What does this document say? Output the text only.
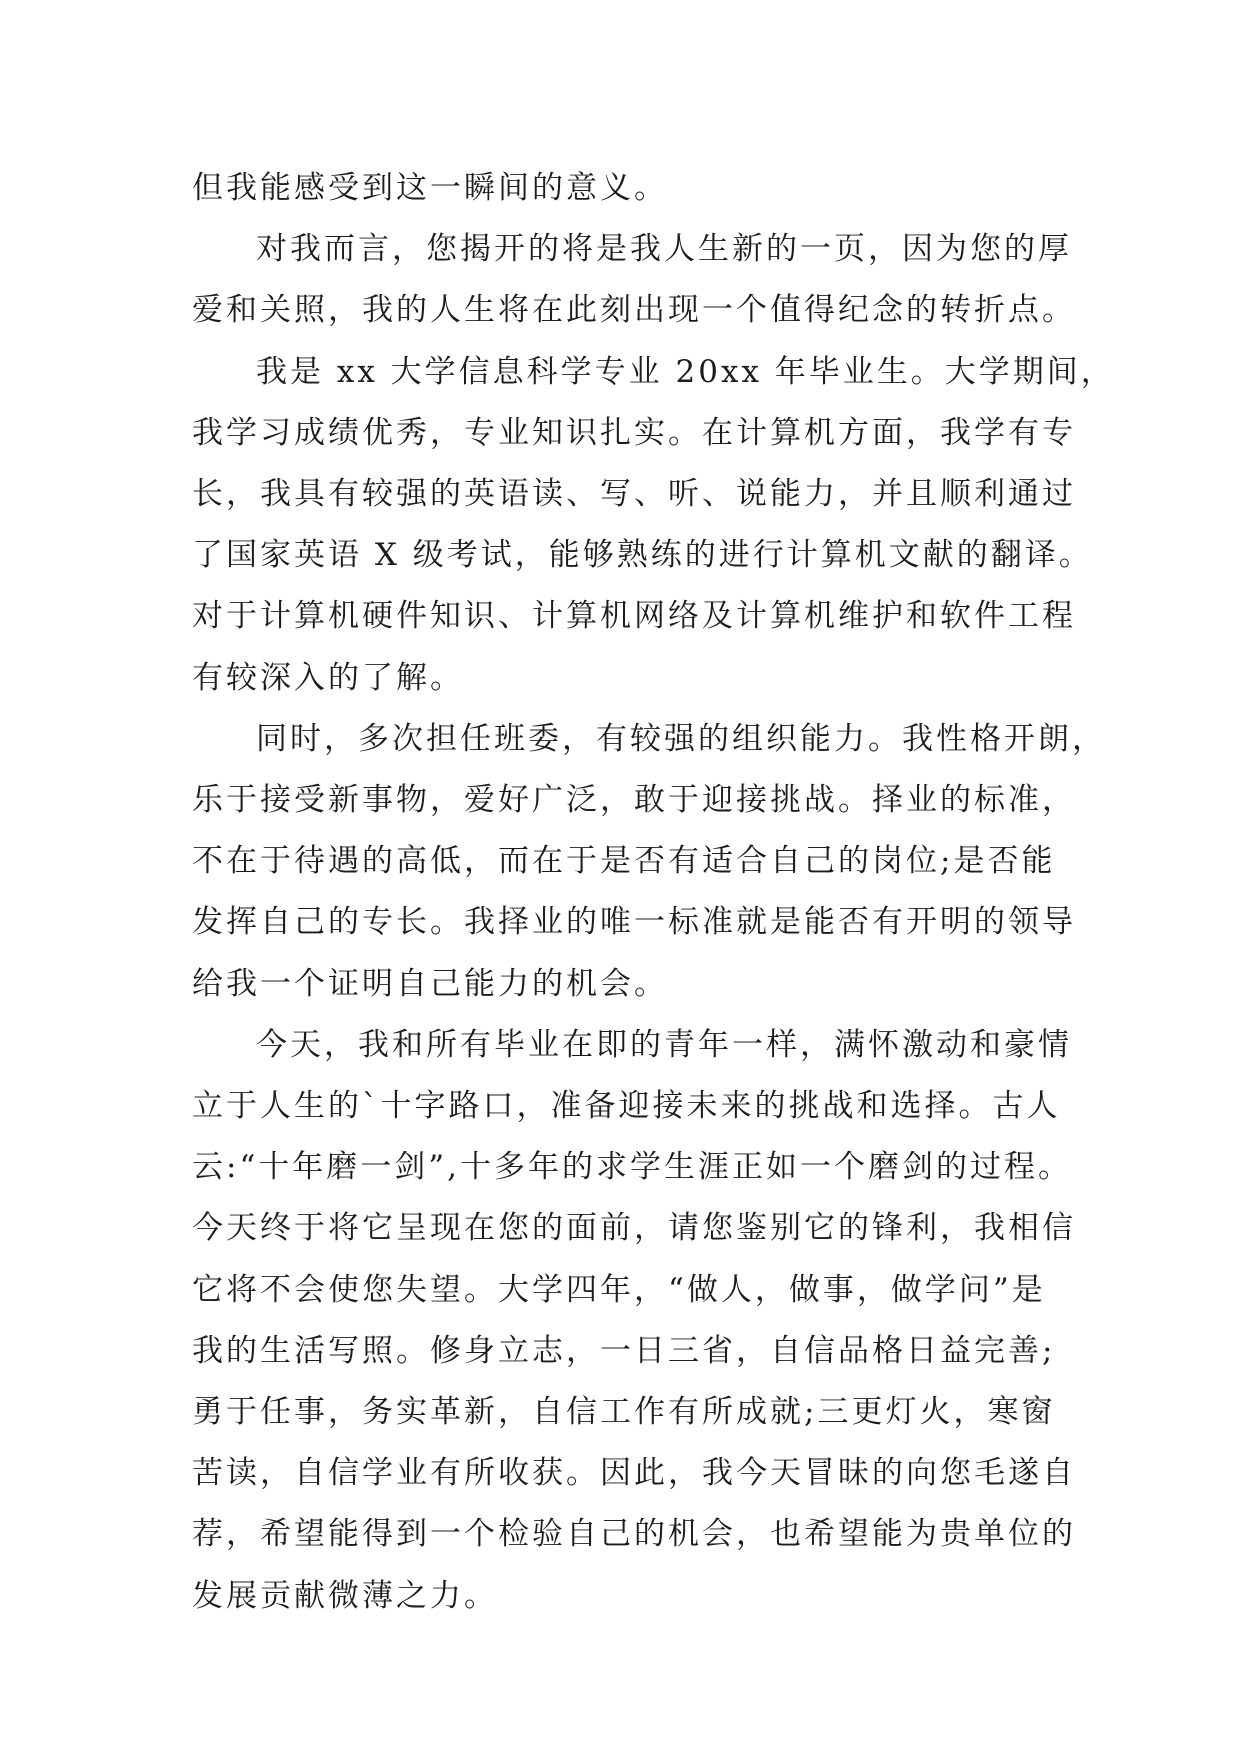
但我能感受到这一瞬间的意义。
对我而言，您揭开的将是我人生新的一页，因为您的厚
爱和关照，我的人生将在此刻出现一个值得纪念的转折点。
我是 xx 大学信息科学专业 20xx 年毕业生。大学期间，
我学习成绩优秀，专业知识扎实。在计算机方面，我学有专
长，我具有较强的英语读、写、听、说能力，并且顺利通过
了国家英语 X 级考试，能够熟练的进行计算机文献的翻译。
对于计算机硬件知识、计算机网络及计算机维护和软件工程
有较深入的了解。
同时，多次担任班委，有较强的组织能力。我性格开朗，
乐于接受新事物，爱好广泛，敢于迎接挑战。择业的标准，
不在于待遇的高低，而在于是否有适合自己的岗位;是否能
发挥自己的专长。我择业的唯一标准就是能否有开明的领导
给我一个证明自己能力的机会。
今天，我和所有毕业在即的青年一样，满怀激动和豪情
立于人生的`十字路口，准备迎接未来的挑战和选择。古人
云:“十年磨一剑”,十多年的求学生涯正如一个磨剑的过程。
今天终于将它呈现在您的面前，请您鉴别它的锋利，我相信
它将不会使您失望。大学四年，“做人，做事，做学问”是
我的生活写照。修身立志，一日三省，自信品格日益完善;
勇于任事，务实革新，自信工作有所成就;三更灯火，寒窗
苦读，自信学业有所收获。因此，我今天冒昧的向您毛遂自
荐，希望能得到一个检验自己的机会，也希望能为贵单位的
发展贡献微薄之力。
